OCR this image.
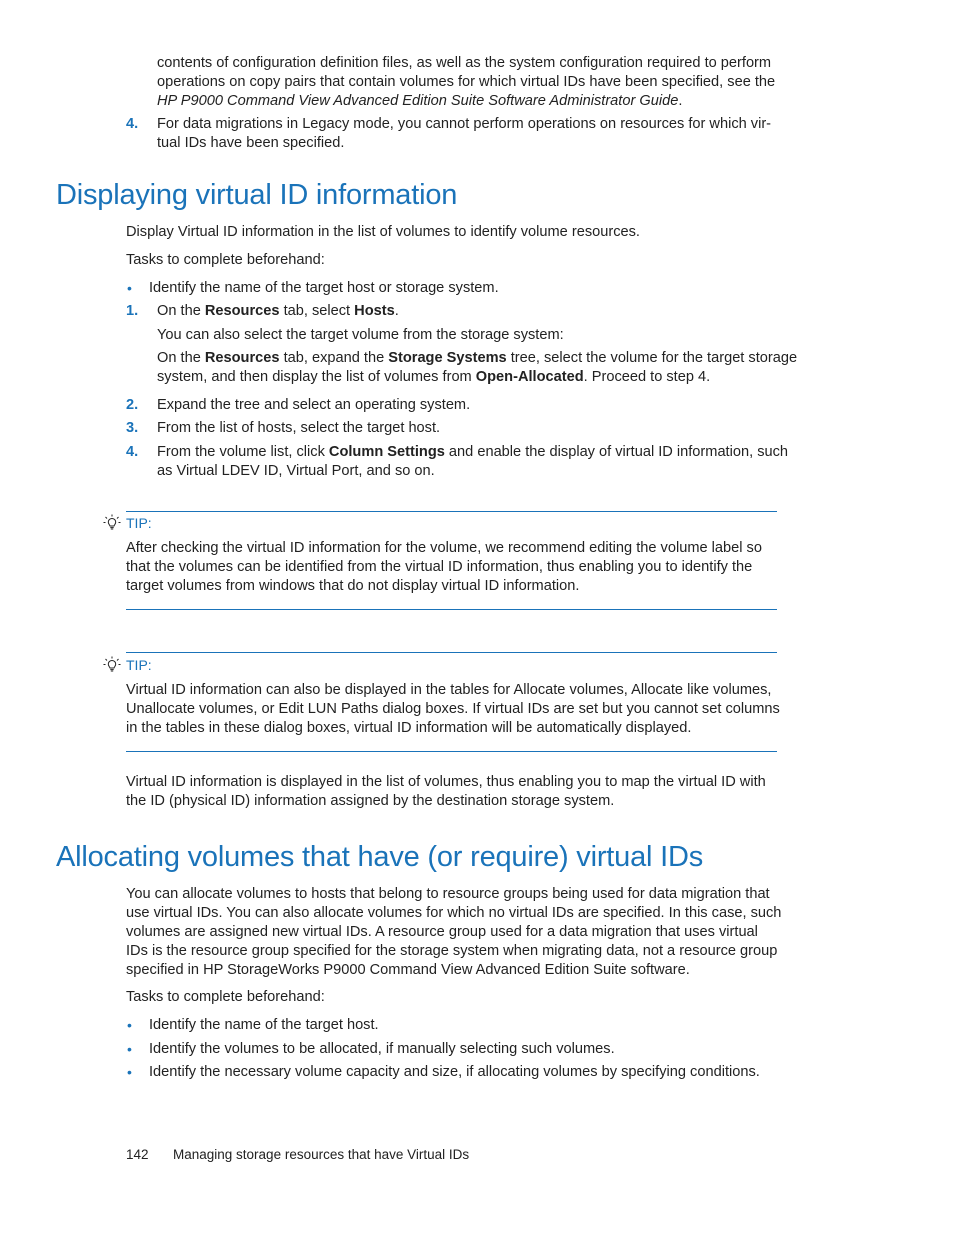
contents of configuration definition files, as well as the system configuration required to perform
operations on copy pairs that contain volumes for which virtual IDs have been specified, see the
HP P9000 Command View Advanced Edition Suite Software Administrator Guide.
4. For data migrations in Legacy mode, you cannot perform operations on resources for which vir-
tual IDs have been specified.
Displaying virtual ID information
Display Virtual ID information in the list of volumes to identify volume resources.
Tasks to complete beforehand:
• Identify the name of the target host or storage system.
1. On the Resources tab, select Hosts.
You can also select the target volume from the storage system:
On the Resources tab, expand the Storage Systems tree, select the volume for the target storage
system, and then display the list of volumes from Open-Allocated. Proceed to step 4.
2. Expand the tree and select an operating system.
3. From the list of hosts, select the target host.
4. From the volume list, click Column Settings and enable the display of virtual ID information, such
as Virtual LDEV ID, Virtual Port, and so on.
TIP:
After checking the virtual ID information for the volume, we recommend editing the volume label so
that the volumes can be identified from the virtual ID information, thus enabling you to identify the
target volumes from windows that do not display virtual ID information.
TIP:
Virtual ID information can also be displayed in the tables for Allocate volumes, Allocate like volumes,
Unallocate volumes, or Edit LUN Paths dialog boxes. If virtual IDs are set but you cannot set columns
in the tables in these dialog boxes, virtual ID information will be automatically displayed.
Virtual ID information is displayed in the list of volumes, thus enabling you to map the virtual ID with
the ID (physical ID) information assigned by the destination storage system.
Allocating volumes that have (or require) virtual IDs
You can allocate volumes to hosts that belong to resource groups being used for data migration that
use virtual IDs. You can also allocate volumes for which no virtual IDs are specified. In this case, such
volumes are assigned new virtual IDs. A resource group used for a data migration that uses virtual
IDs is the resource group specified for the storage system when migrating data, not a resource group
specified in HP StorageWorks P9000 Command View Advanced Edition Suite software.
Tasks to complete beforehand:
• Identify the name of the target host.
• Identify the volumes to be allocated, if manually selecting such volumes.
• Identify the necessary volume capacity and size, if allocating volumes by specifying conditions.
142 Managing storage resources that have Virtual IDs
